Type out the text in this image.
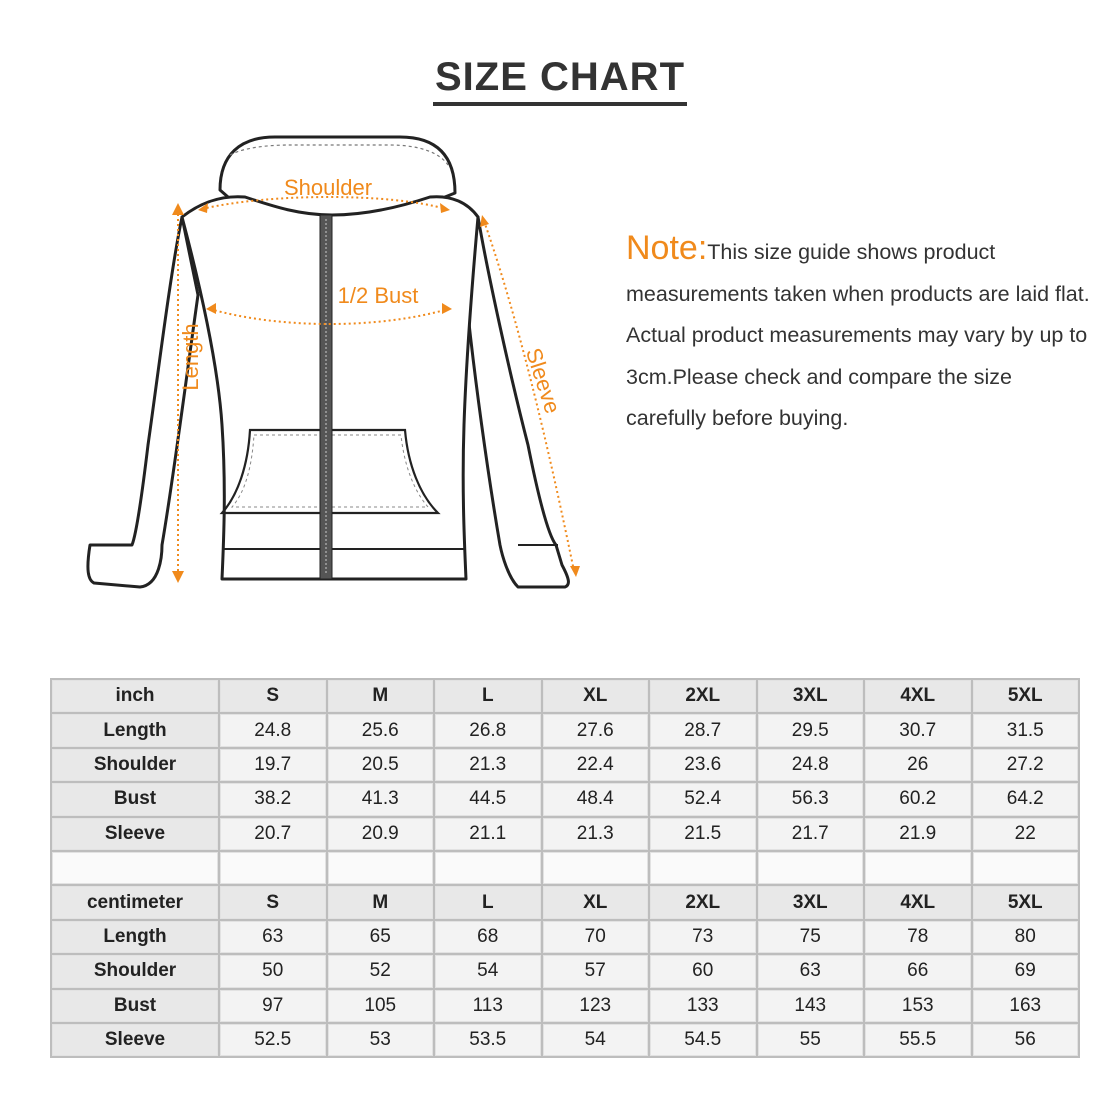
SIZE CHART
Shoulder
1/2 Bust
Length	Sleeve
Note:This size guide shows product measurements taken when products are laid flat. Actual product measurements may vary by up to 3cm.Please check and compare the size carefully before buying.
inch	S	M	L	XL	2XL	3XL	4XL	5XL
Length	24.8	25.6	26.8	27.6	28.7	29.5	30.7	31.5
Shoulder	19.7	20.5	21.3	22.4	23.6	24.8	26	27.2
Bust	38.2	41.3	44.5	48.4	52.4	56.3	60.2	64.2
Sleeve	20.7	20.9	21.1	21.3	21.5	21.7	21.9	22

centimeter	S	M	L	XL	2XL	3XL	4XL	5XL
Length	63	65	68	70	73	75	78	80
Shoulder	50	52	54	57	60	63	66	69
Bust	97	105	113	123	133	143	153	163
Sleeve	52.5	53	53.5	54	54.5	55	55.5	56
